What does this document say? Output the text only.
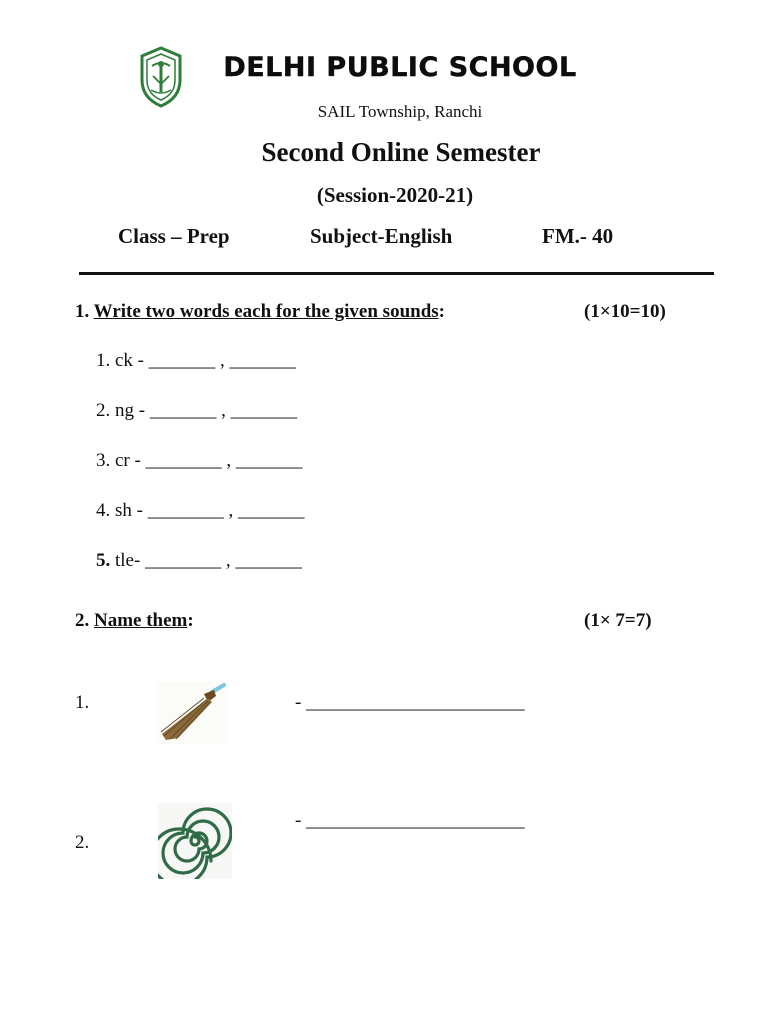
DELHI PUBLIC SCHOOL
SAIL Township, Ranchi
Second Online Semester
(Session-2020-21)
Class – Prep	Subject-English	FM.- 40
1. Write two words each for the given sounds:	(1×10=10)
1. ck - _______ , _______
2. ng - _______ , _______
3. cr - ________ , _______
4. sh - ________ , _______
5. tle- ________ , _______
2. Name them:	(1× 7=7)
1.	- _______________________
2.
- _______________________
